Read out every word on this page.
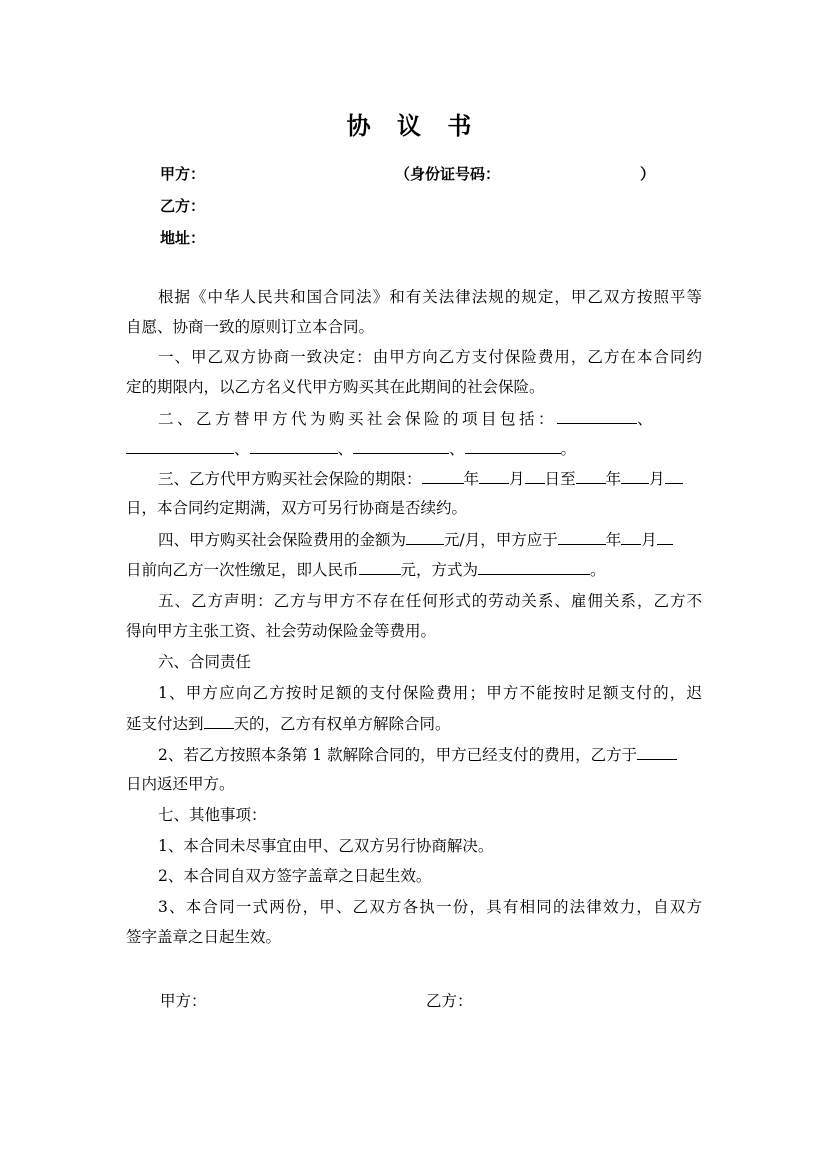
协 议 书
甲方：	（身份证号码：	）
乙方：
地址：
根据《中华人民共和国合同法》和有关法律法规的规定，甲乙双方按照平等
自愿、协商一致的原则订立本合同。
一、甲乙双方协商一致决定：由甲方向乙方支付保险费用，乙方在本合同约
定的期限内，以乙方名义代甲方购买其在此期间的社会保险。
二、乙方替甲方代为购买社会保险的项目包括：	、
、	、	、	。
三、乙方代甲方购买社会保险的期限：	年 月 日至 年 月
日，本合同约定期满，双方可另行协商是否续约。
四、甲方购买社会保险费用的金额为 元/月，甲方应于	年 月
日前向乙方一次性缴足，即人民币	元，方式为	。
五、乙方声明：乙方与甲方不存在任何形式的劳动关系、雇佣关系，乙方不
得向甲方主张工资、社会劳动保险金等费用。
六、合同责任
1、甲方应向乙方按时足额的支付保险费用；甲方不能按时足额支付的，迟
延支付达到 天的，乙方有权单方解除合同。
2、若乙方按照本条第 1 款解除合同的，甲方已经支付的费用，乙方于
日内返还甲方。
七、其他事项：
1、本合同未尽事宜由甲、乙双方另行协商解决。
2、本合同自双方签字盖章之日起生效。
3、本合同一式两份，甲、乙双方各执一份，具有相同的法律效力，自双方
签字盖章之日起生效。
甲方：	乙方：
